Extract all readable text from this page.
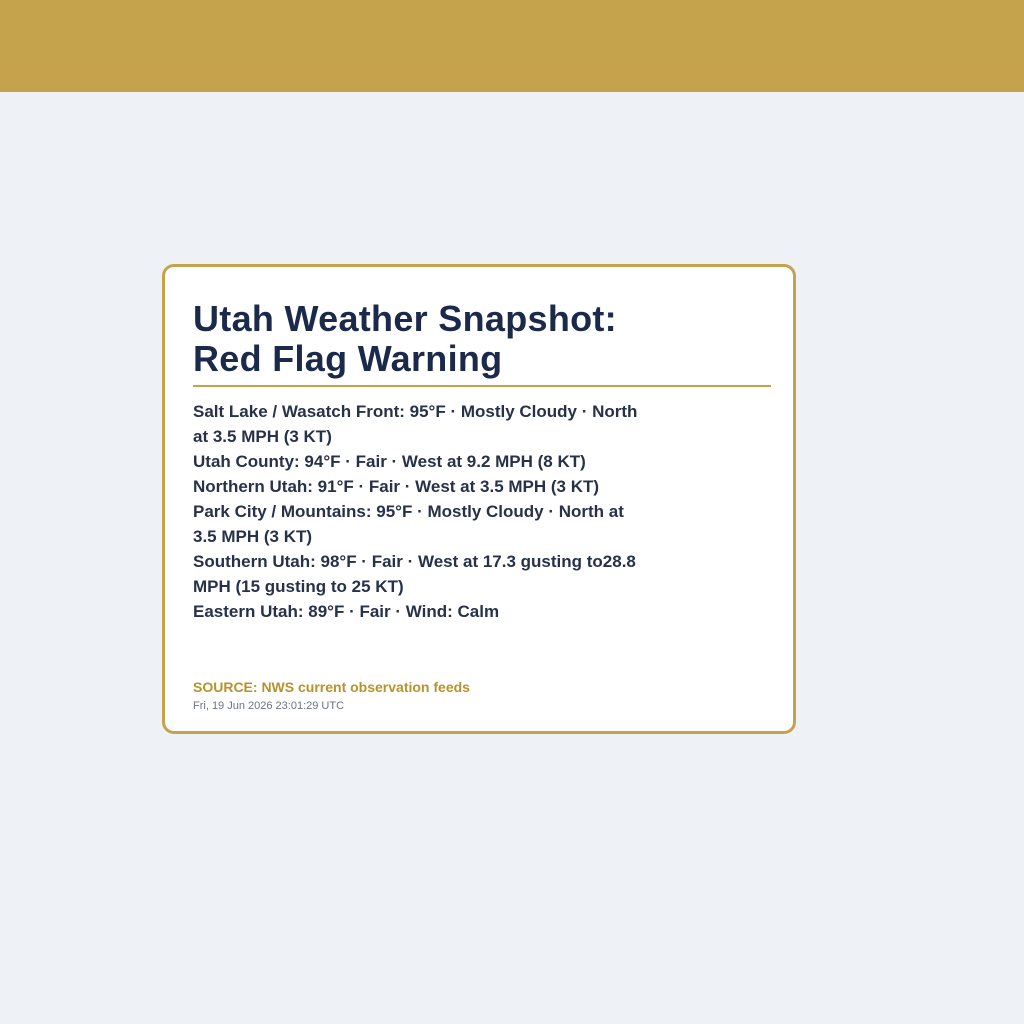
Utah Weather Snapshot:
Red Flag Warning
Salt Lake / Wasatch Front: 95°F · Mostly Cloudy · North at 3.5 MPH (3 KT)
Utah County: 94°F · Fair · West at 9.2 MPH (8 KT)
Northern Utah: 91°F · Fair · West at 3.5 MPH (3 KT)
Park City / Mountains: 95°F · Mostly Cloudy · North at 3.5 MPH (3 KT)
Southern Utah: 98°F · Fair · West at 17.3 gusting to28.8 MPH (15 gusting to 25 KT)
Eastern Utah: 89°F · Fair · Wind: Calm

SOURCE: NWS current observation feeds

Fri, 19 Jun 2026 23:01:29 UTC
